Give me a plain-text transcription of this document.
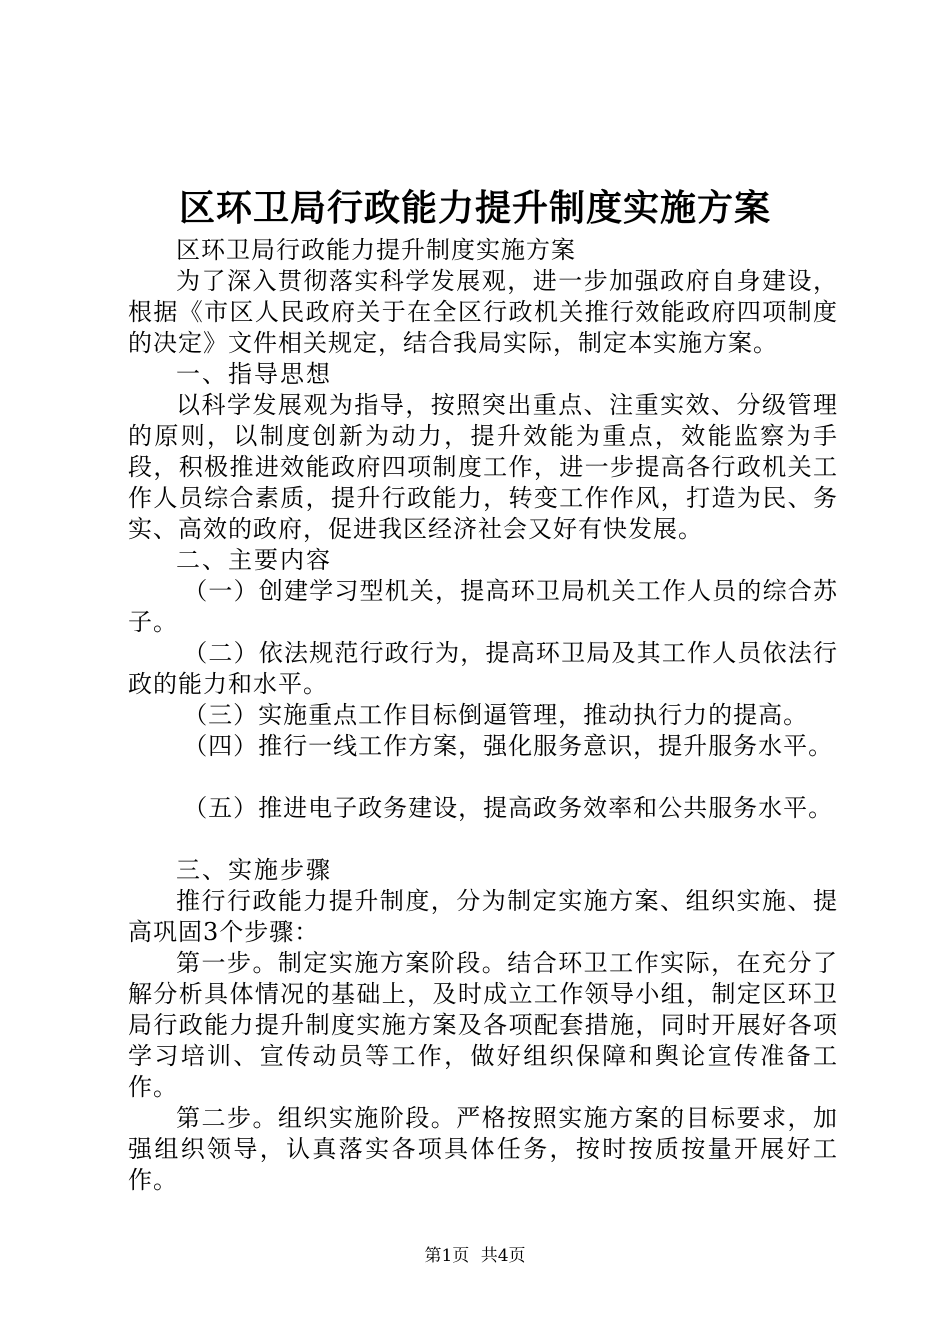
区环卫局行政能力提升制度实施方案

区环卫局行政能力提升制度实施方案

为了深入贯彻落实科学发展观，进一步加强政府自身建设，根据《市区人民政府关于在全区行政机关推行效能政府四项制度的决定》文件相关规定，结合我局实际，制定本实施方案。

一、指导思想

以科学发展观为指导，按照突出重点、注重实效、分级管理的原则，以制度创新为动力，提升效能为重点，效能监察为手段，积极推进效能政府四项制度工作，进一步提高各行政机关工作人员综合素质，提升行政能力，转变工作作风，打造为民、务实、高效的政府，促进我区经济社会又好有快发展。

二、主要内容

（一）创建学习型机关，提高环卫局机关工作人员的综合苏子。

（二）依法规范行政行为，提高环卫局及其工作人员依法行政的能力和水平。

（三）实施重点工作目标倒逼管理，推动执行力的提高。

（四）推行一线工作方案，强化服务意识，提升服务水平。

（五）推进电子政务建设，提高政务效率和公共服务水平。

三、实施步骤

推行行政能力提升制度，分为制定实施方案、组织实施、提高巩固3个步骤：

第一步。制定实施方案阶段。结合环卫工作实际，在充分了解分析具体情况的基础上，及时成立工作领导小组，制定区环卫局行政能力提升制度实施方案及各项配套措施，同时开展好各项学习培训、宣传动员等工作，做好组织保障和舆论宣传准备工作。

第二步。组织实施阶段。严格按照实施方案的目标要求，加强组织领导，认真落实各项具体任务，按时按质按量开展好工作。

第1页 共4页
